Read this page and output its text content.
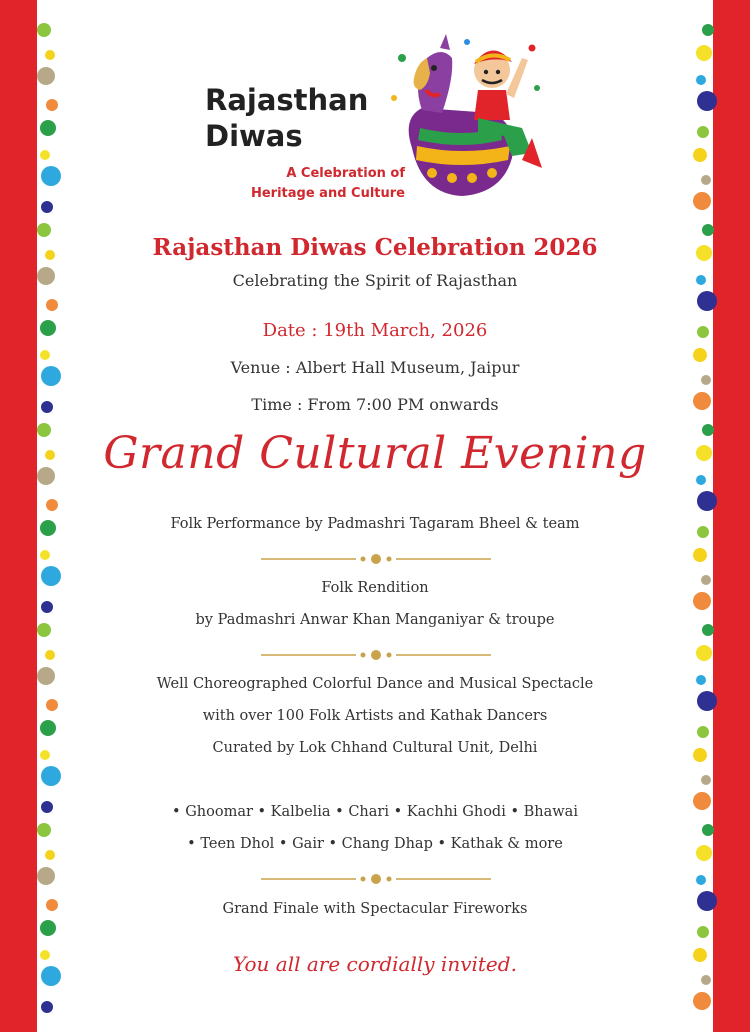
Rajasthan
Diwas
A Celebration of
Heritage and Culture
Rajasthan Diwas Celebration 2026
Celebrating the Spirit of Rajasthan
Date : 19th March, 2026
Venue : Albert Hall Museum, Jaipur
Time : From 7:00 PM onwards
Grand Cultural Evening
Folk Performance by Padmashri Tagaram Bheel & team
Folk Rendition
by Padmashri Anwar Khan Manganiyar & troupe
Well Choreographed Colorful Dance and Musical Spectacle
with over 100 Folk Artists and Kathak Dancers
Curated by Lok Chhand Cultural Unit, Delhi
• Ghoomar • Kalbelia • Chari • Kachhi Ghodi • Bhawai
• Teen Dhol • Gair • Chang Dhap • Kathak & more
Grand Finale with Spectacular Fireworks
You all are cordially invited.
